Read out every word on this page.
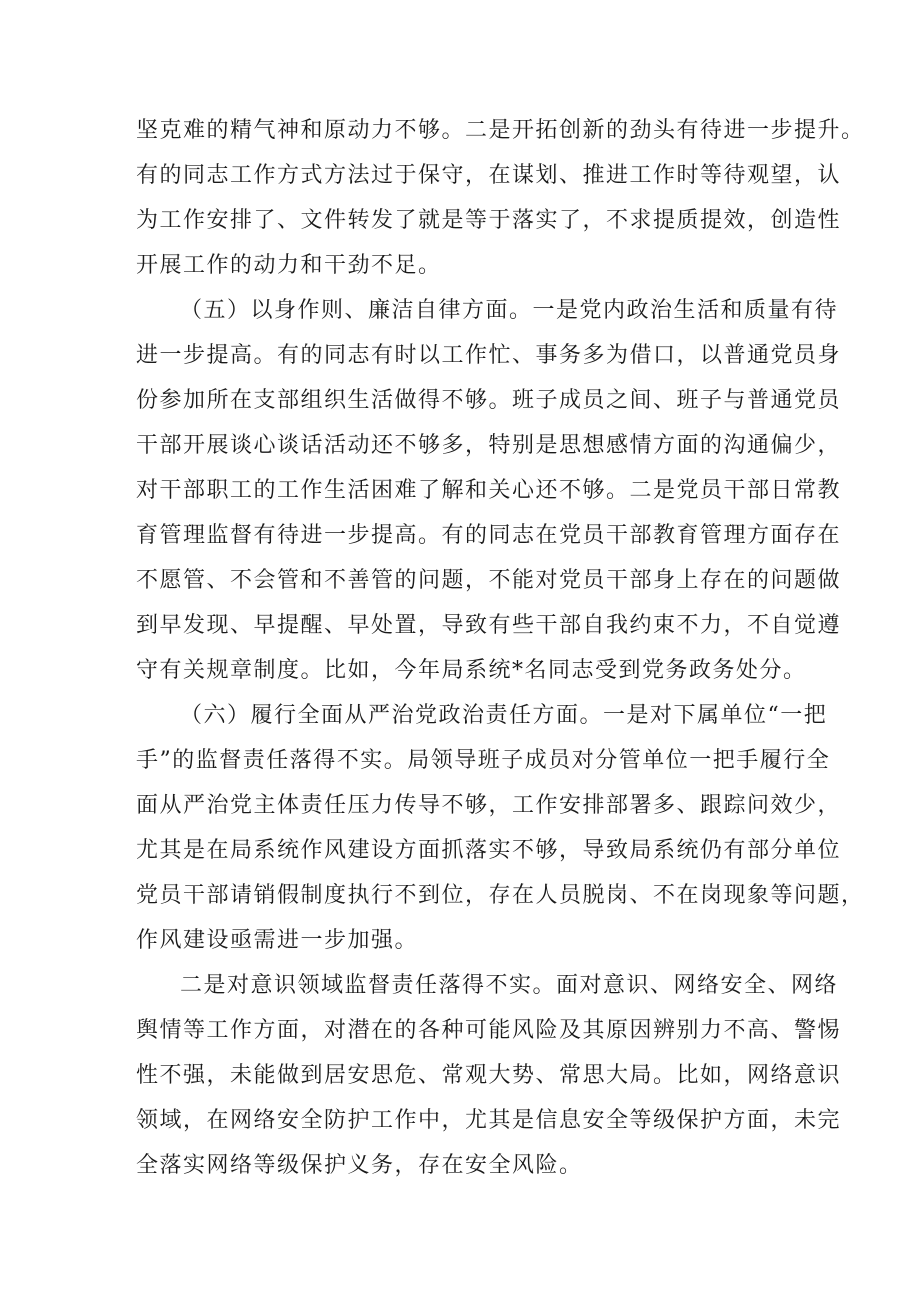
坚克难的精气神和原动力不够。二是开拓创新的劲头有待进一步提升。
有的同志工作方式方法过于保守，在谋划、推进工作时等待观望，认
为工作安排了、文件转发了就是等于落实了，不求提质提效，创造性
开展工作的动力和干劲不足。
（五）以身作则、廉洁自律方面。一是党内政治生活和质量有待
进一步提高。有的同志有时以工作忙、事务多为借口，以普通党员身
份参加所在支部组织生活做得不够。班子成员之间、班子与普通党员
干部开展谈心谈话活动还不够多，特别是思想感情方面的沟通偏少，
对干部职工的工作生活困难了解和关心还不够。二是党员干部日常教
育管理监督有待进一步提高。有的同志在党员干部教育管理方面存在
不愿管、不会管和不善管的问题，不能对党员干部身上存在的问题做
到早发现、早提醒、早处置，导致有些干部自我约束不力，不自觉遵
守有关规章制度。比如，今年局系统*名同志受到党务政务处分。
（六）履行全面从严治党政治责任方面。一是对下属单位“一把
手”的监督责任落得不实。局领导班子成员对分管单位一把手履行全
面从严治党主体责任压力传导不够，工作安排部署多、跟踪问效少，
尤其是在局系统作风建设方面抓落实不够，导致局系统仍有部分单位
党员干部请销假制度执行不到位，存在人员脱岗、不在岗现象等问题，
作风建设亟需进一步加强。
二是对意识领域监督责任落得不实。面对意识、网络安全、网络
舆情等工作方面，对潜在的各种可能风险及其原因辨别力不高、警惕
性不强，未能做到居安思危、常观大势、常思大局。比如，网络意识
领域，在网络安全防护工作中，尤其是信息安全等级保护方面，未完
全落实网络等级保护义务，存在安全风险。
